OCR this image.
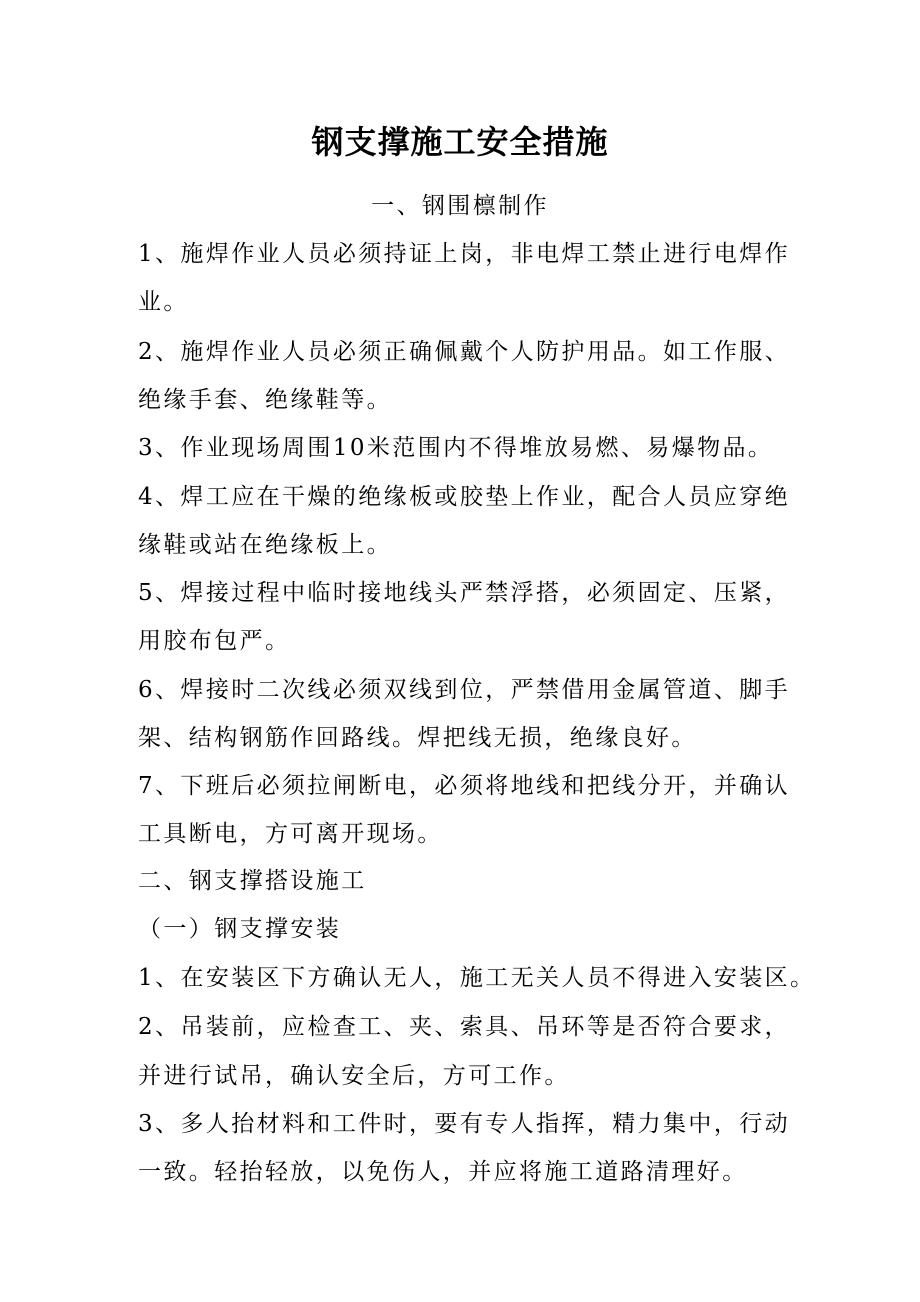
钢支撑施工安全措施
一、钢围檩制作
1、施焊作业人员必须持证上岗，非电焊工禁止进行电焊作
业。
2、施焊作业人员必须正确佩戴个人防护用品。如工作服、
绝缘手套、绝缘鞋等。
3、作业现场周围10米范围内不得堆放易燃、易爆物品。
4、焊工应在干燥的绝缘板或胶垫上作业，配合人员应穿绝
缘鞋或站在绝缘板上。
5、焊接过程中临时接地线头严禁浮搭，必须固定、压紧，
用胶布包严。
6、焊接时二次线必须双线到位，严禁借用金属管道、脚手
架、结构钢筋作回路线。焊把线无损，绝缘良好。
7、下班后必须拉闸断电，必须将地线和把线分开，并确认
工具断电，方可离开现场。
二、钢支撑搭设施工
（一）钢支撑安装
1、在安装区下方确认无人，施工无关人员不得进入安装区。
2、吊装前，应检查工、夹、索具、吊环等是否符合要求，
并进行试吊，确认安全后，方可工作。
3、多人抬材料和工件时，要有专人指挥，精力集中，行动
一致。轻抬轻放，以免伤人，并应将施工道路清理好。
